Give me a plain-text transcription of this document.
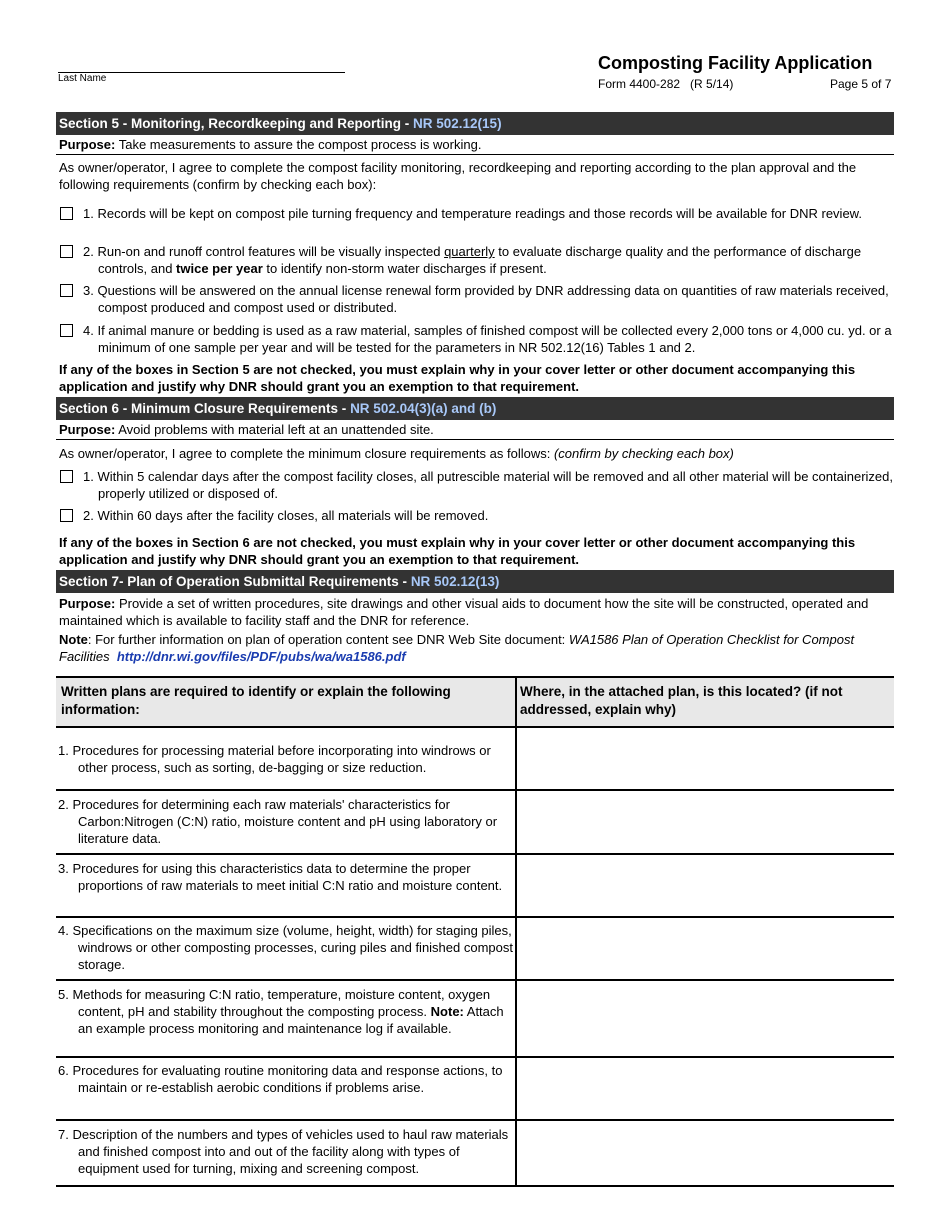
Last Name
Composting Facility Application
Form 4400-282   (R 5/14)	Page 5 of 7
Section 5 - Monitoring, Recordkeeping and Reporting - NR 502.12(15)
Purpose: Take measurements to assure the compost process is working.
As owner/operator, I agree to complete the compost facility monitoring, recordkeeping and reporting according to the plan approval and the following requirements (confirm by checking each box):
1. Records will be kept on compost pile turning frequency and temperature readings and those records will be available for DNR review.
2. Run-on and runoff control features will be visually inspected quarterly to evaluate discharge quality and the performance of discharge controls, and twice per year to identify non-storm water discharges if present.
3. Questions will be answered on the annual license renewal form provided by DNR addressing data on quantities of raw materials received, compost produced and compost used or distributed.
4. If animal manure or bedding is used as a raw material, samples of finished compost will be collected every 2,000 tons or 4,000 cu. yd. or a minimum of one sample per year and will be tested for the parameters in NR 502.12(16) Tables 1 and 2.
If any of the boxes in Section 5 are not checked, you must explain why in your cover letter or other document accompanying this application and justify why DNR should grant you an exemption to that requirement.
Section 6 - Minimum Closure Requirements - NR 502.04(3)(a) and (b)
Purpose: Avoid problems with material left at an unattended site.
As owner/operator, I agree to complete the minimum closure requirements as follows: (confirm by checking each box)
1. Within 5 calendar days after the compost facility closes, all putrescible material will be removed and all other material will be containerized, properly utilized or disposed of.
2. Within 60 days after the facility closes, all materials will be removed.
If any of the boxes in Section 6 are not checked, you must explain why in your cover letter or other document accompanying this application and justify why DNR should grant you an exemption to that requirement.
Section 7- Plan of Operation Submittal Requirements - NR 502.12(13)
Purpose: Provide a set of written procedures, site drawings and other visual aids to document how the site will be constructed, operated and maintained which is available to facility staff and the DNR for reference.
Note: For further information on plan of operation content see DNR Web Site document: WA1586 Plan of Operation Checklist for Compost Facilities http://dnr.wi.gov/files/PDF/pubs/wa/wa1586.pdf
Written plans are required to identify or explain the following information:
Where, in the attached plan, is this located? (if not addressed, explain why)
1. Procedures for processing material before incorporating into windrows or other process, such as sorting, de-bagging or size reduction.
2. Procedures for determining each raw materials' characteristics for Carbon:Nitrogen (C:N) ratio, moisture content and pH using laboratory or literature data.
3. Procedures for using this characteristics data to determine the proper proportions of raw materials to meet initial C:N ratio and moisture content.
4. Specifications on the maximum size (volume, height, width) for staging piles, windrows or other composting processes, curing piles and finished compost storage.
5. Methods for measuring C:N ratio, temperature, moisture content, oxygen content, pH and stability throughout the composting process. Note: Attach an example process monitoring and maintenance log if available.
6. Procedures for evaluating routine monitoring data and response actions, to maintain or re-establish aerobic conditions if problems arise.
7. Description of the numbers and types of vehicles used to haul raw materials and finished compost into and out of the facility along with types of equipment used for turning, mixing and screening compost.
